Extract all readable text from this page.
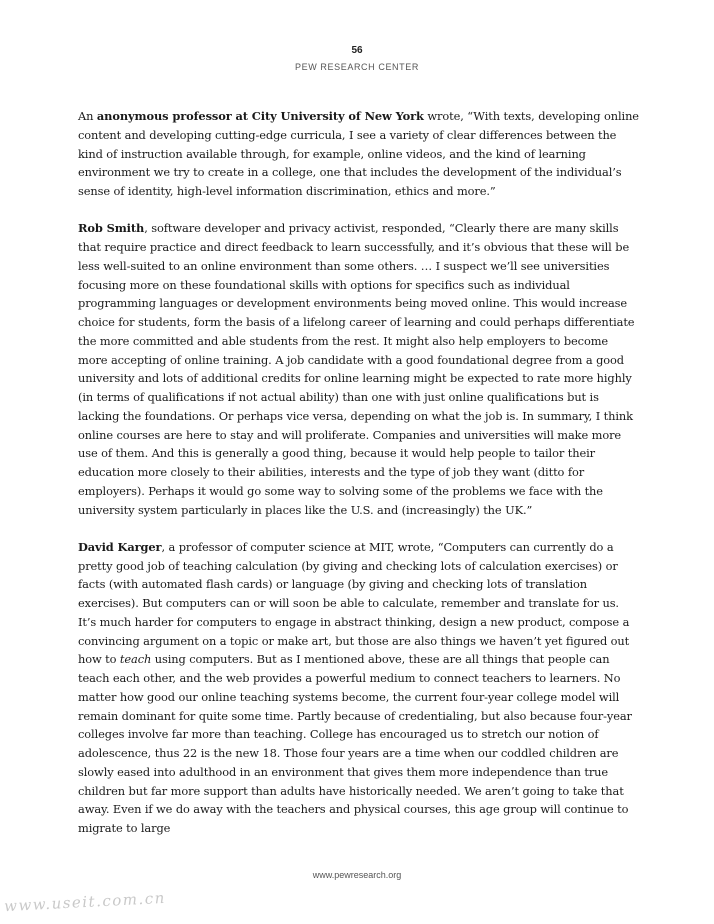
56
PEW RESEARCH CENTER

An anonymous professor at City University of New York wrote, “With texts, developing online content and developing cutting-edge curricula, I see a variety of clear differences between the kind of instruction available through, for example, online videos, and the kind of learning environment we try to create in a college, one that includes the development of the individual’s sense of identity, high-level information discrimination, ethics and more.”

Rob Smith, software developer and privacy activist, responded, “Clearly there are many skills that require practice and direct feedback to learn successfully, and it’s obvious that these will be less well-suited to an online environment than some others. … I suspect we’ll see universities focusing more on these foundational skills with options for specifics such as individual programming languages or development environments being moved online. This would increase choice for students, form the basis of a lifelong career of learning and could perhaps differentiate the more committed and able students from the rest. It might also help employers to become more accepting of online training. A job candidate with a good foundational degree from a good university and lots of additional credits for online learning might be expected to rate more highly (in terms of qualifications if not actual ability) than one with just online qualifications but is lacking the foundations. Or perhaps vice versa, depending on what the job is. In summary, I think online courses are here to stay and will proliferate. Companies and universities will make more use of them. And this is generally a good thing, because it would help people to tailor their education more closely to their abilities, interests and the type of job they want (ditto for employers). Perhaps it would go some way to solving some of the problems we face with the university system particularly in places like the U.S. and (increasingly) the UK.”

David Karger, a professor of computer science at MIT, wrote, “Computers can currently do a pretty good job of teaching calculation (by giving and checking lots of calculation exercises) or facts (with automated flash cards) or language (by giving and checking lots of translation exercises). But computers can or will soon be able to calculate, remember and translate for us. It’s much harder for computers to engage in abstract thinking, design a new product, compose a convincing argument on a topic or make art, but those are also things we haven’t yet figured out how to teach using computers. But as I mentioned above, these are all things that people can teach each other, and the web provides a powerful medium to connect teachers to learners. No matter how good our online teaching systems become, the current four-year college model will remain dominant for quite some time. Partly because of credentialing, but also because four-year colleges involve far more than teaching. College has encouraged us to stretch our notion of adolescence, thus 22 is the new 18. Those four years are a time when our coddled children are slowly eased into adulthood in an environment that gives them more independence than true children but far more support than adults have historically needed. We aren’t going to take that away. Even if we do away with the teachers and physical courses, this age group will continue to migrate to large

www.pewresearch.org
www.useit.com.cn
